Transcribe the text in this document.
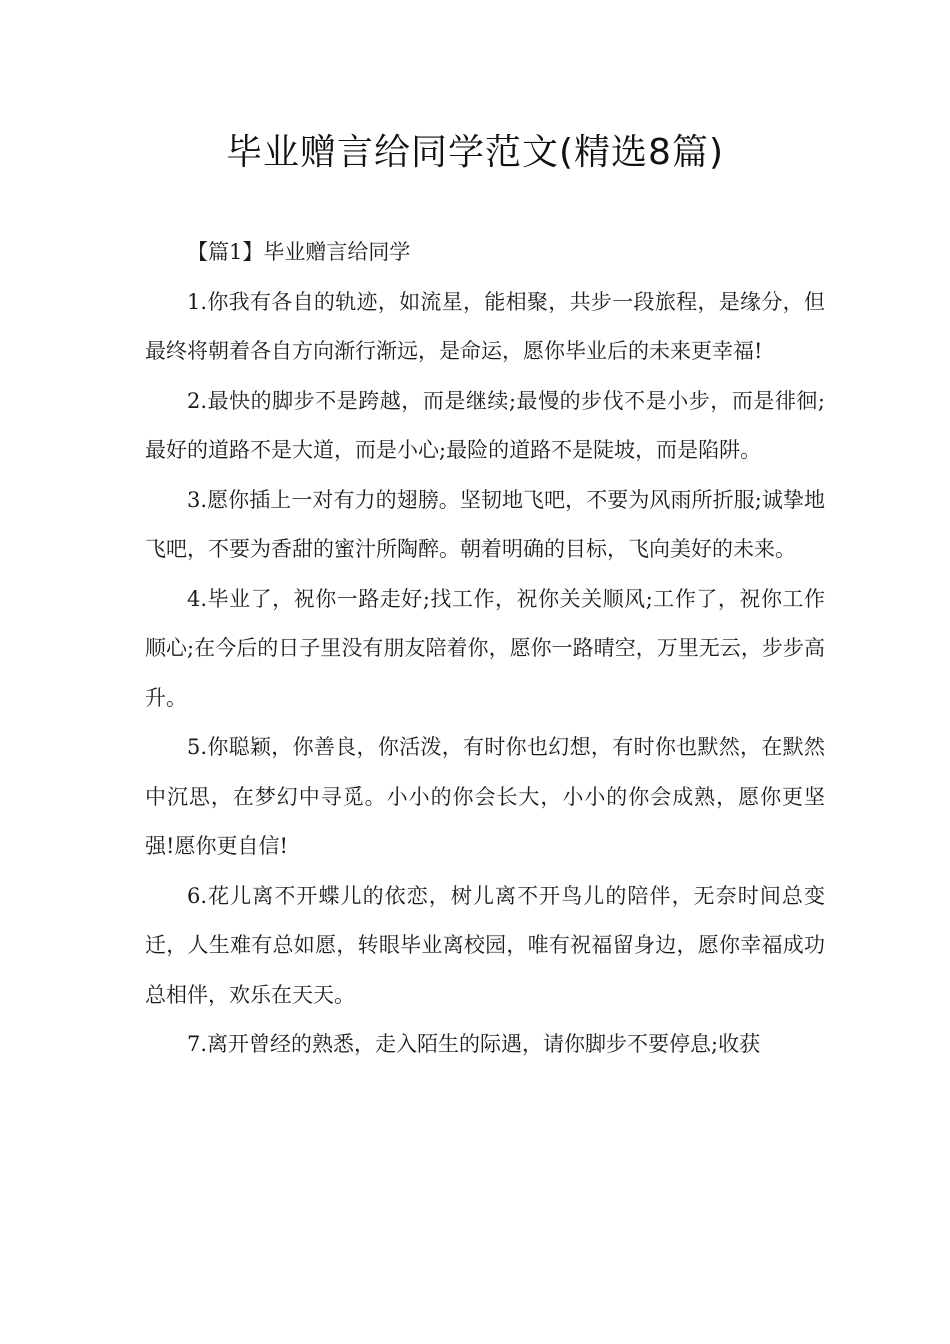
毕业赠言给同学范文(精选8篇)

【篇1】毕业赠言给同学

1.你我有各自的轨迹，如流星，能相聚，共步一段旅程，是缘分，但最终将朝着各自方向渐行渐远，是命运，愿你毕业后的未来更幸福!

2.最快的脚步不是跨越，而是继续;最慢的步伐不是小步，而是徘徊;最好的道路不是大道，而是小心;最险的道路不是陡坡，而是陷阱。

3.愿你插上一对有力的翅膀。坚韧地飞吧，不要为风雨所折服;诚挚地飞吧，不要为香甜的蜜汁所陶醉。朝着明确的目标，飞向美好的未来。

4.毕业了，祝你一路走好;找工作，祝你关关顺风;工作了，祝你工作顺心;在今后的日子里没有朋友陪着你，愿你一路晴空，万里无云，步步高升。

5.你聪颖，你善良，你活泼，有时你也幻想，有时你也默然，在默然中沉思，在梦幻中寻觅。小小的你会长大，小小的你会成熟，愿你更坚强!愿你更自信!

6.花儿离不开蝶儿的依恋，树儿离不开鸟儿的陪伴，无奈时间总变迁，人生难有总如愿，转眼毕业离校园，唯有祝福留身边，愿你幸福成功总相伴，欢乐在天天。

7.离开曾经的熟悉，走入陌生的际遇，请你脚步不要停息;收获
